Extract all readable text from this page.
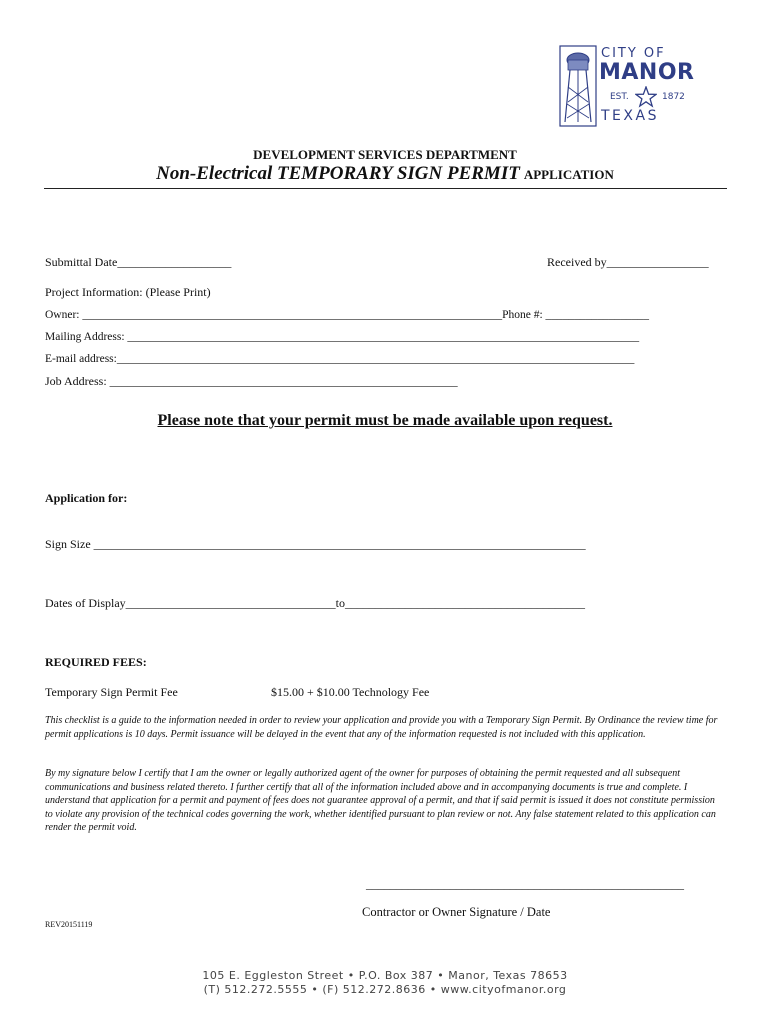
CITY OF
MANOR
EST.	1872
TEXAS
DEVELOPMENT SERVICES DEPARTMENT
Non-Electrical TEMPORARY SIGN PERMIT APPLICATION
Submittal Date___________________	Received by_________________
Project Information: (Please Print)
Owner: _________________________________________________________________________Phone #: __________________
Mailing Address: _________________________________________________________________________________________
E-mail address:__________________________________________________________________________________________
Job Address: __________________________________________________________
Please note that your permit must be made available upon request.
Application for:
Sign Size __________________________________________________________________________________
Dates of Display___________________________________to________________________________________
REQUIRED FEES:
Temporary Sign Permit Fee	$15.00 + $10.00 Technology Fee
This checklist is a guide to the information needed in order to review your application and provide you with a Temporary Sign Permit. By Ordinance the review time for permit applications is 10 days. Permit issuance will be delayed in the event that any of the information requested is not included with this application.
By my signature below I certify that I am the owner or legally authorized agent of the owner for purposes of obtaining the permit requested and all subsequent communications and business related thereto. I further certify that all of the information included above and in accompanying documents is true and complete. I understand that application for a permit and payment of fees does not guarantee approval of a permit, and that if said permit is issued it does not constitute permission to violate any provision of the technical codes governing the work, whether identified pursuant to plan review or not. Any false statement related to this application can render the permit void.
_____________________________________________________
Contractor or Owner Signature / Date
REV20151119
105 E. Eggleston Street • P.O. Box 387 • Manor, Texas 78653
(T) 512.272.5555 • (F) 512.272.8636 • www.cityofmanor.org
